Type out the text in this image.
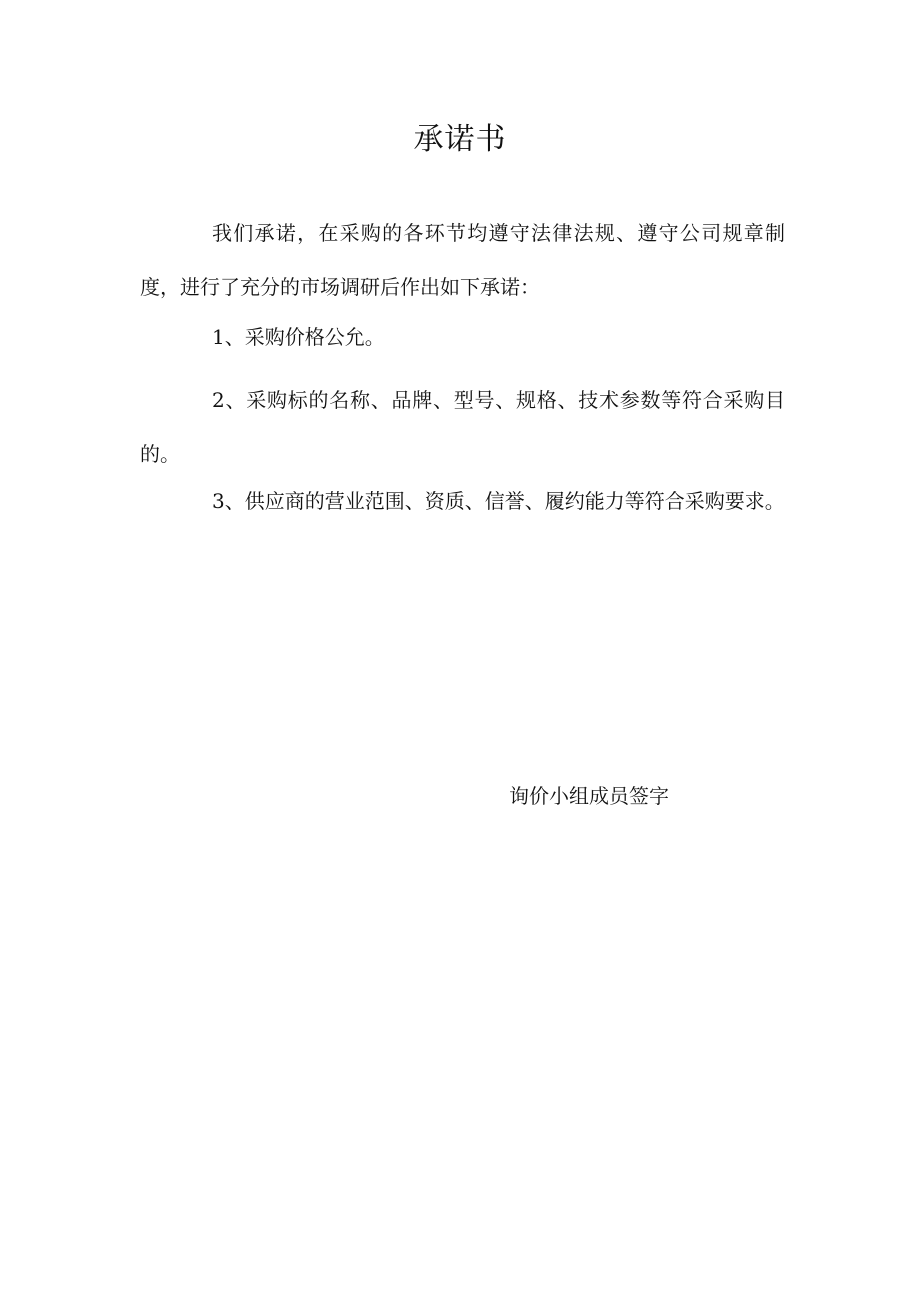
承诺书

我们承诺，在采购的各环节均遵守法律法规、遵守公司规章制度，进行了充分的市场调研后作出如下承诺：

1、采购价格公允。

2、采购标的名称、品牌、型号、规格、技术参数等符合采购目的。

3、供应商的营业范围、资质、信誉、履约能力等符合采购要求。

询价小组成员签字
